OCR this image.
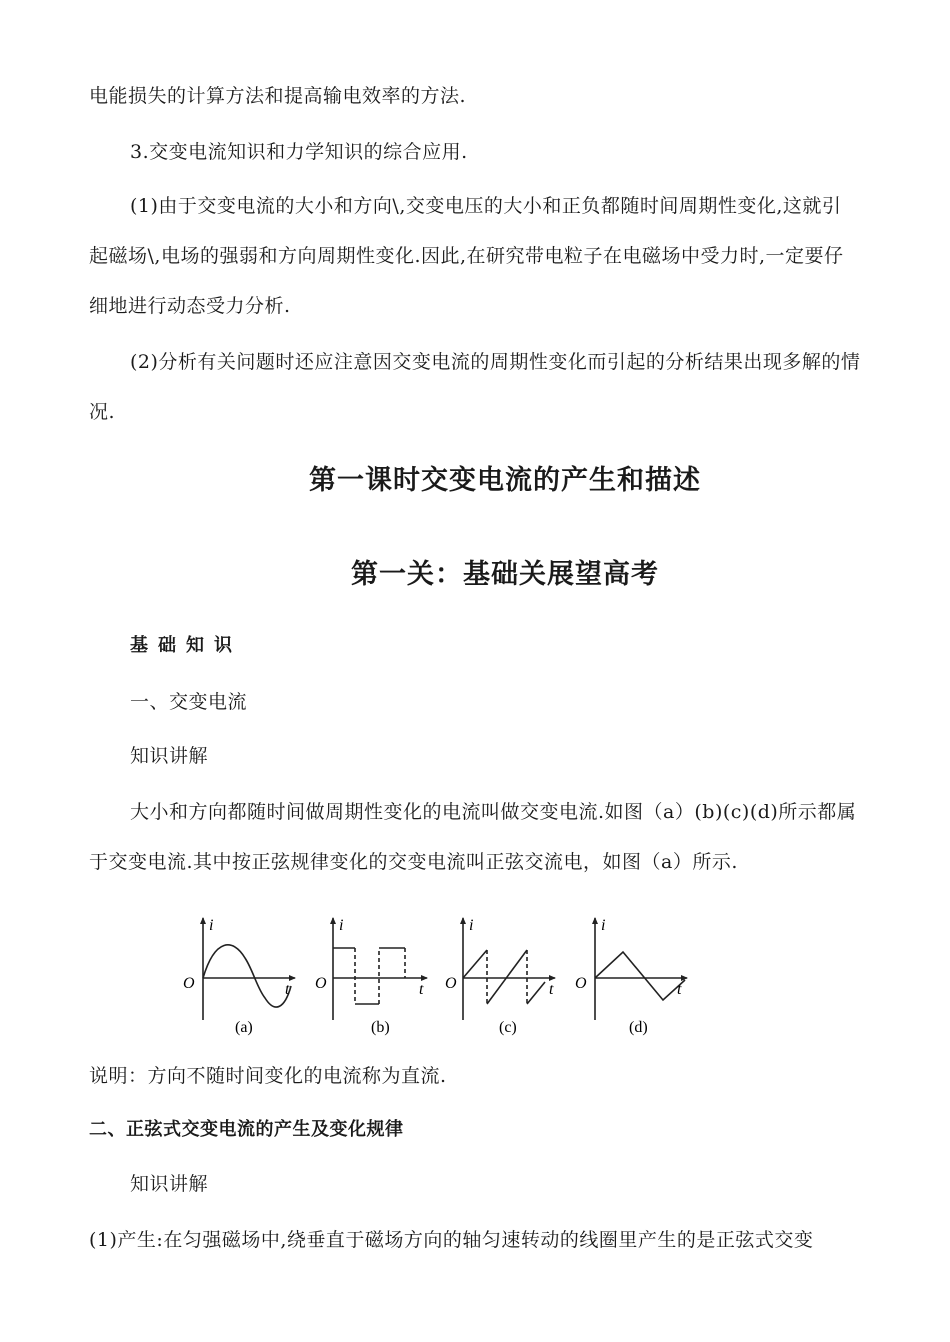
电能损失的计算方法和提高输电效率的方法.

3.交变电流知识和力学知识的综合应用.

(1)由于交变电流的大小和方向\,交变电压的大小和正负都随时间周期性变化,这就引

起磁场\,电场的强弱和方向周期性变化.因此,在研究带电粒子在电磁场中受力时,一定要仔

细地进行动态受力分析.

(2)分析有关问题时还应注意因交变电流的周期性变化而引起的分析结果出现多解的情

况.

第一课时交变电流的产生和描述
第一关：基础关展望高考

基础知识

一、交变电流

知识讲解

大小和方向都随时间做周期性变化的电流叫做交变电流.如图（a）(b)(c)(d)所示都属

于交变电流.其中按正弦规律变化的交变电流叫正弦交流电，如图（a）所示.

i
O	t
(a)
i
O	t
(b)
i
O	t
(c)
i
O	t
(d)

说明：方向不随时间变化的电流称为直流.

二、正弦式交变电流的产生及变化规律

知识讲解

(1)产生:在匀强磁场中,绕垂直于磁场方向的轴匀速转动的线圈里产生的是正弦式交变
